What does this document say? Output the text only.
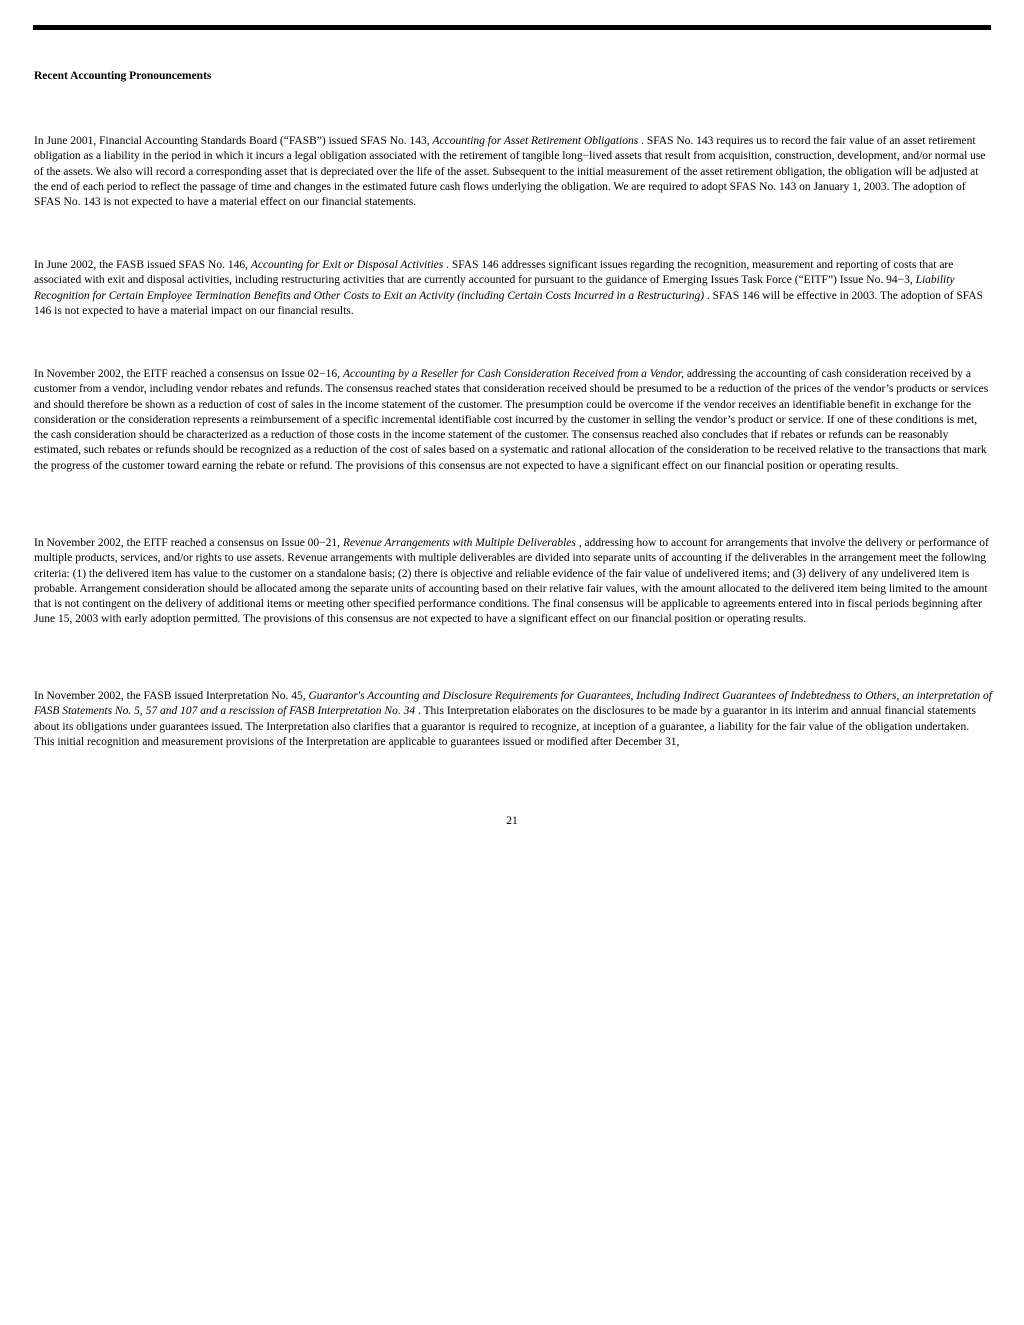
Recent Accounting Pronouncements

In June 2001, Financial Accounting Standards Board (“FASB”) issued SFAS No. 143, Accounting for Asset Retirement Obligations . SFAS No. 143 requires us to record the fair value of an asset retirement obligation as a liability in the period in which it incurs a legal obligation associated with the retirement of tangible long−lived assets that result from acquisition, construction, development, and/or normal use of the assets. We also will record a corresponding asset that is depreciated over the life of the asset. Subsequent to the initial measurement of the asset retirement obligation, the obligation will be adjusted at the end of each period to reflect the passage of time and changes in the estimated future cash flows underlying the obligation. We are required to adopt SFAS No. 143 on January 1, 2003. The adoption of SFAS No. 143 is not expected to have a material effect on our financial statements.

In June 2002, the FASB issued SFAS No. 146, Accounting for Exit or Disposal Activities . SFAS 146 addresses significant issues regarding the recognition, measurement and reporting of costs that are associated with exit and disposal activities, including restructuring activities that are currently accounted for pursuant to the guidance of Emerging Issues Task Force (“EITF”) Issue No. 94−3, Liability Recognition for Certain Employee Termination Benefits and Other Costs to Exit an Activity (including Certain Costs Incurred in a Restructuring) . SFAS 146 will be effective in 2003. The adoption of SFAS 146 is not expected to have a material impact on our financial results.

In November 2002, the EITF reached a consensus on Issue 02−16, Accounting by a Reseller for Cash Consideration Received from a Vendor, addressing the accounting of cash consideration received by a customer from a vendor, including vendor rebates and refunds. The consensus reached states that consideration received should be presumed to be a reduction of the prices of the vendor’s products or services and should therefore be shown as a reduction of cost of sales in the income statement of the customer. The presumption could be overcome if the vendor receives an identifiable benefit in exchange for the consideration or the consideration represents a reimbursement of a specific incremental identifiable cost incurred by the customer in selling the vendor’s product or service. If one of these conditions is met, the cash consideration should be characterized as a reduction of those costs in the income statement of the customer. The consensus reached also concludes that if rebates or refunds can be reasonably estimated, such rebates or refunds should be recognized as a reduction of the cost of sales based on a systematic and rational allocation of the consideration to be received relative to the transactions that mark the progress of the customer toward earning the rebate or refund. The provisions of this consensus are not expected to have a significant effect on our financial position or operating results.

In November 2002, the EITF reached a consensus on Issue 00−21, Revenue Arrangements with Multiple Deliverables , addressing how to account for arrangements that involve the delivery or performance of multiple products, services, and/or rights to use assets. Revenue arrangements with multiple deliverables are divided into separate units of accounting if the deliverables in the arrangement meet the following criteria: (1) the delivered item has value to the customer on a standalone basis; (2) there is objective and reliable evidence of the fair value of undelivered items; and (3) delivery of any undelivered item is probable. Arrangement consideration should be allocated among the separate units of accounting based on their relative fair values, with the amount allocated to the delivered item being limited to the amount that is not contingent on the delivery of additional items or meeting other specified performance conditions. The final consensus will be applicable to agreements entered into in fiscal periods beginning after June 15, 2003 with early adoption permitted. The provisions of this consensus are not expected to have a significant effect on our financial position or operating results.

In November 2002, the FASB issued Interpretation No. 45, Guarantor's Accounting and Disclosure Requirements for Guarantees, Including Indirect Guarantees of Indebtedness to Others, an interpretation of FASB Statements No. 5, 57 and 107 and a rescission of FASB Interpretation No. 34 . This Interpretation elaborates on the disclosures to be made by a guarantor in its interim and annual financial statements about its obligations under guarantees issued. The Interpretation also clarifies that a guarantor is required to recognize, at inception of a guarantee, a liability for the fair value of the obligation undertaken. This initial recognition and measurement provisions of the Interpretation are applicable to guarantees issued or modified after December 31,

21
